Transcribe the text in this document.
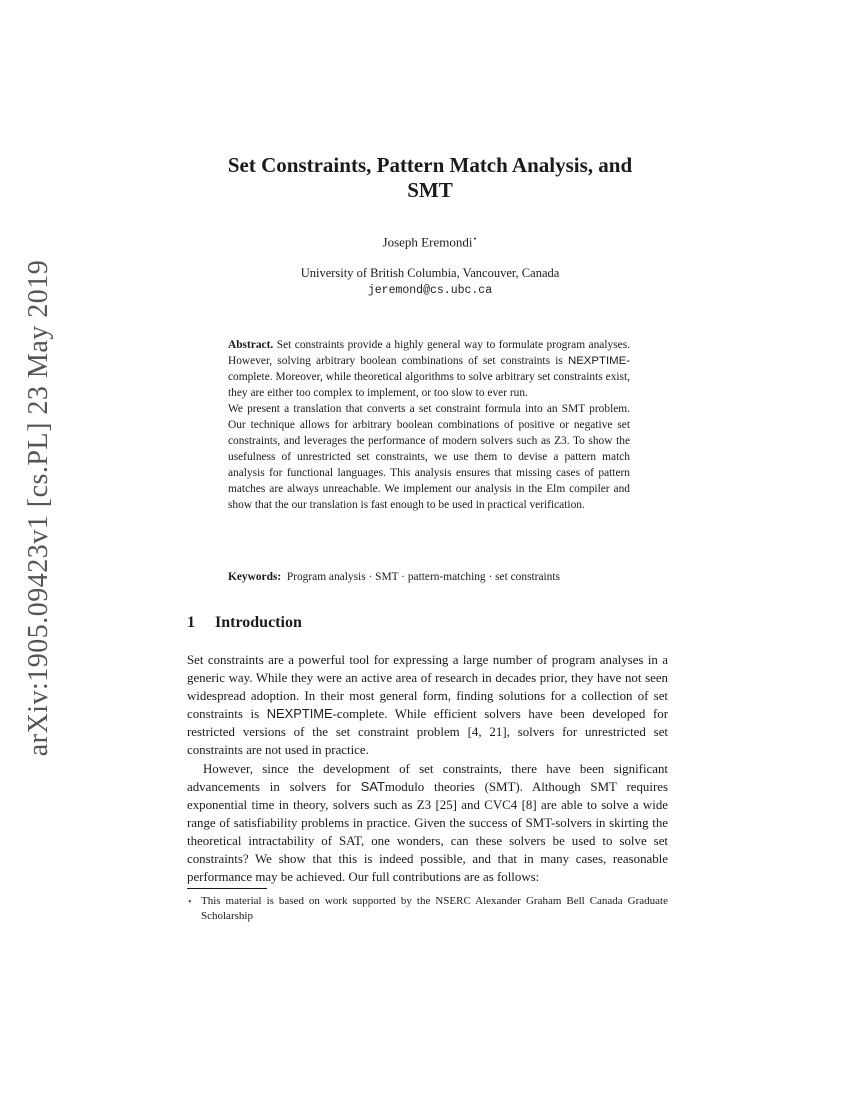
arXiv:1905.09423v1 [cs.PL] 23 May 2019
Set Constraints, Pattern Match Analysis, and
SMT
Joseph Eremondi⋆
University of British Columbia, Vancouver, Canada
jeremond@cs.ubc.ca

Abstract. Set constraints provide a highly general way to formulate program analyses. However, solving arbitrary boolean combinations of set constraints is NEXPTIME-complete. Moreover, while theoretical algorithms to solve arbitrary set constraints exist, they are either too complex to implement, or too slow to ever run.

We present a translation that converts a set constraint formula into an SMT problem. Our technique allows for arbitrary boolean combinations of positive or negative set constraints, and leverages the performance of modern solvers such as Z3. To show the usefulness of unrestricted set constraints, we use them to devise a pattern match analysis for functional languages. This analysis ensures that missing cases of pattern matches are always unreachable. We implement our analysis in the Elm compiler and show that the our translation is fast enough to be used in practical verification.

Keywords: Program analysis · SMT · pattern-matching · set constraints
1 Introduction

Set constraints are a powerful tool for expressing a large number of program analyses in a generic way. While they were an active area of research in decades prior, they have not seen widespread adoption. In their most general form, finding solutions for a collection of set constraints is NEXPTIME-complete. While efficient solvers have been developed for restricted versions of the set constraint problem [4, 21], solvers for unrestricted set constraints are not used in practice.

However, since the development of set constraints, there have been significant advancements in solvers for SATmodulo theories (SMT). Although SMT requires exponential time in theory, solvers such as Z3 [25] and CVC4 [8] are able to solve a wide range of satisfiability problems in practice. Given the success of SMT-solvers in skirting the theoretical intractability of SAT, one wonders, can these solvers be used to solve set constraints? We show that this is indeed possible, and that in many cases, reasonable performance may be achieved. Our full contributions are as follows:

⋆ This material is based on work supported by the NSERC Alexander Graham Bell Canada Graduate Scholarship
